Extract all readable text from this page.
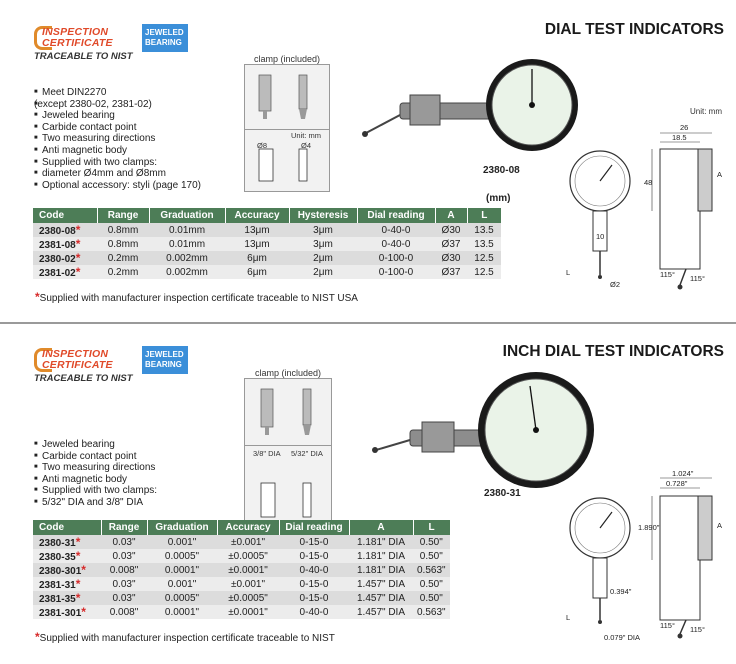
INSPECTION
CERTIFICATE
TRACEABLE TO NIST
JEWELED
BEARING
DIAL TEST INDICATORS
■ Meet DIN2270
■ (except 2380-02, 2381-02)
■ Jeweled bearing
■ Carbide contact point
■ Two measuring directions
■ Anti magnetic body
■ Supplied with two clamps:
■ diameter Ø4mm and Ø8mm
■ Optional accessory: styli (page 170)
clamp (included)
Unit: mm
Ø8	Ø4
2380-08
Unit: mm
26
18.5
48
A
10
L
Ø2
115° 115°
(mm)
Code	Range	Graduation	Accuracy	Hysteresis	Dial reading	A	L
2380-08*	0.8mm	0.01mm	13μm	3μm	0-40-0	Ø30	13.5
2381-08*	0.8mm	0.01mm	13μm	3μm	0-40-0	Ø37	13.5
2380-02*	0.2mm	0.002mm	6μm	2μm	0-100-0	Ø30	12.5
2381-02*	0.2mm	0.002mm	6μm	2μm	0-100-0	Ø37	12.5
*Supplied with manufacturer inspection certificate traceable to NIST USA
INSPECTION
CERTIFICATE
TRACEABLE TO NIST
JEWELED
BEARING
INCH DIAL TEST INDICATORS
■ Jeweled bearing
■ Carbide contact point
■ Two measuring directions
■ Anti magnetic body
■ Supplied with two clamps:
■ 5/32" DIA and 3/8" DIA
clamp (included)
3/8" DIA 5/32" DIA
2380-31
1.024"
0.728"
1.890"	A
0.394"
L
0.079" DIA
115° 115°
Code	Range	Graduation	Accuracy	Dial reading	A	L
2380-31*	0.03"	0.001"	±0.001"	0-15-0	1.181" DIA	0.50"
2380-35*	0.03"	0.0005"	±0.0005"	0-15-0	1.181" DIA	0.50"
2380-301*	0.008"	0.0001"	±0.0001"	0-40-0	1.181" DIA	0.563"
2381-31*	0.03"	0.001"	±0.001"	0-15-0	1.457" DIA	0.50"
2381-35*	0.03"	0.0005"	±0.0005"	0-15-0	1.457" DIA	0.50"
2381-301*	0.008"	0.0001"	±0.0001"	0-40-0	1.457" DIA	0.563"
*Supplied with manufacturer inspection certificate traceable to NIST
